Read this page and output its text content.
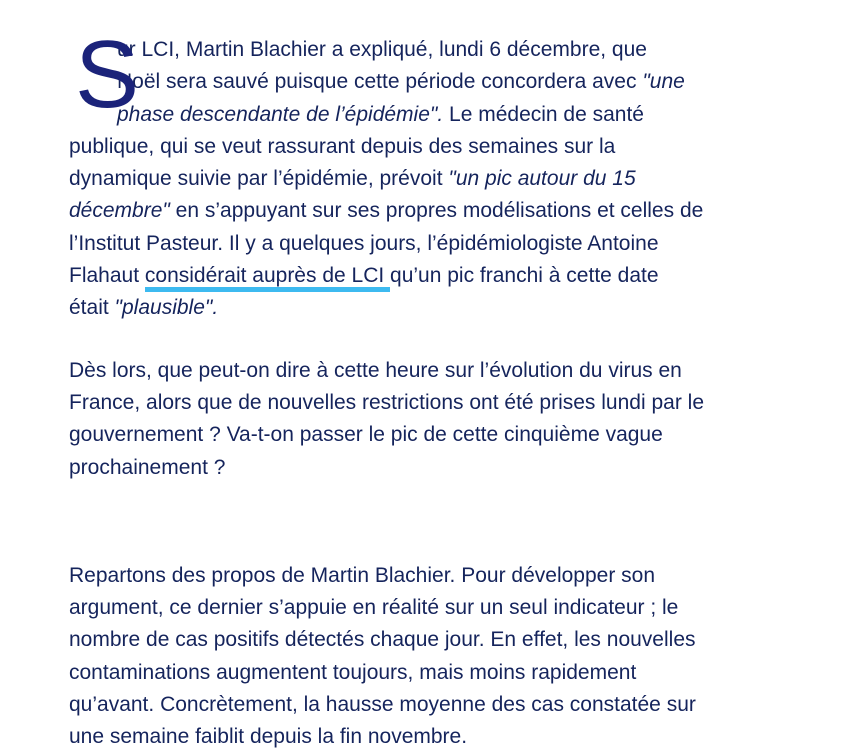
S
ur LCI, Martin Blachier a expliqué, lundi 6 décembre, que
Noël sera sauvé puisque cette période concordera avec "une
phase descendante de l’épidémie". Le médecin de santé
publique, qui se veut rassurant depuis des semaines sur la
dynamique suivie par l’épidémie, prévoit "un pic autour du 15
décembre" en s’appuyant sur ses propres modélisations et celles de
l’Institut Pasteur. Il y a quelques jours, l’épidémiologiste Antoine
Flahaut considérait auprès de LCI qu’un pic franchi à cette date
était "plausible".

Dès lors, que peut-on dire à cette heure sur l’évolution du virus en
France, alors que de nouvelles restrictions ont été prises lundi par le
gouvernement ? Va-t-on passer le pic de cette cinquième vague
prochainement ?

Repartons des propos de Martin Blachier. Pour développer son
argument, ce dernier s’appuie en réalité sur un seul indicateur ; le
nombre de cas positifs détectés chaque jour. En effet, les nouvelles
contaminations augmentent toujours, mais moins rapidement
qu’avant. Concrètement, la hausse moyenne des cas constatée sur
une semaine faiblit depuis la fin novembre.
